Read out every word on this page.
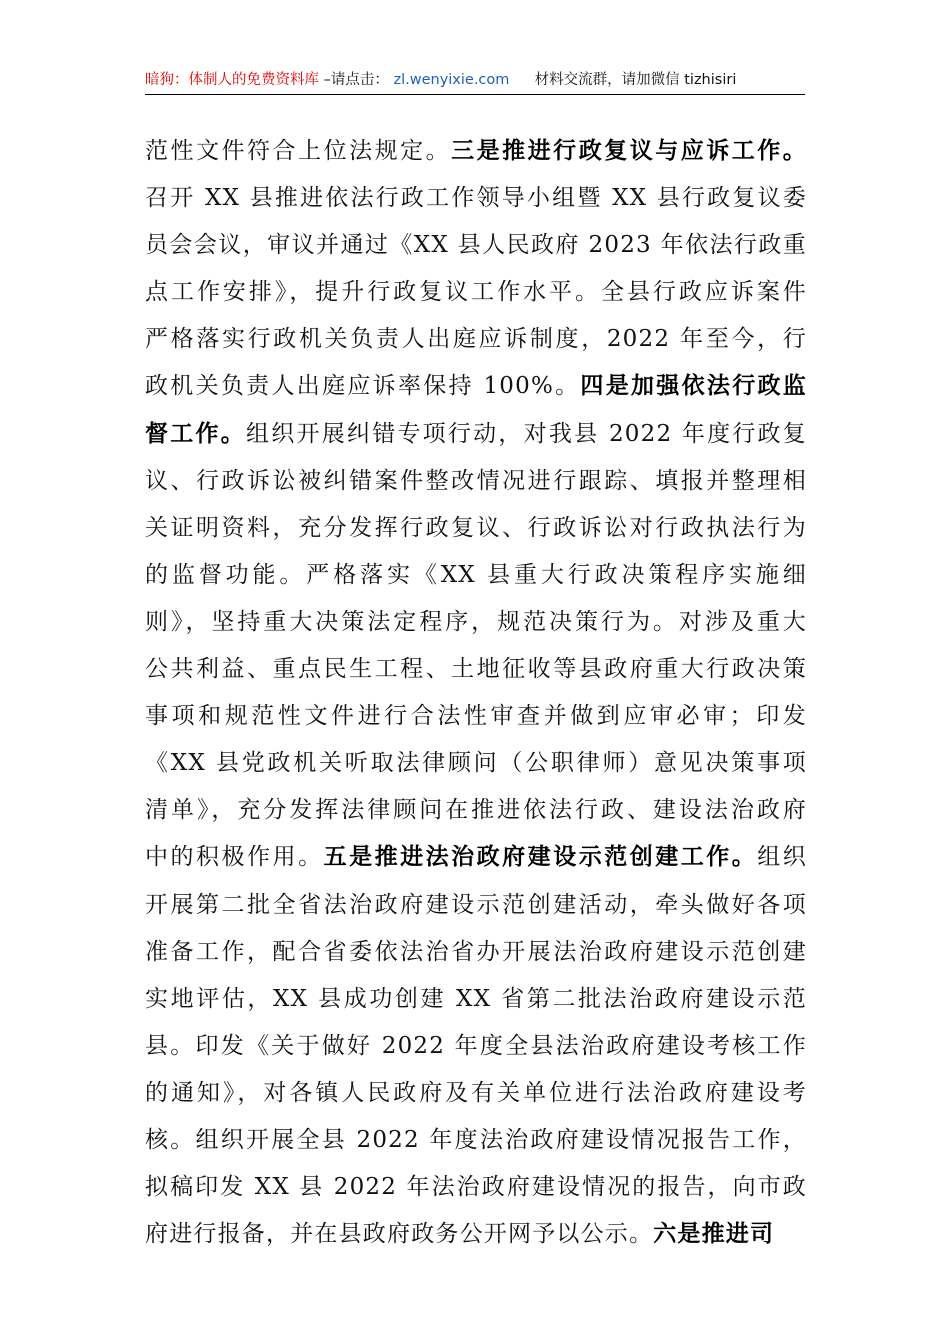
暗狗：体制人的免费资料库 –请点击： zl.wenyixie.com 材料交流群，请加微信 tizhisiri
范性文件符合上位法规定。三是推进行政复议与应诉工作。
召开 XX 县推进依法行政工作领导小组暨 XX 县行政复议委
员会会议，审议并通过《XX 县人民政府 2023 年依法行政重
点工作安排》，提升行政复议工作水平。全县行政应诉案件
严格落实行政机关负责人出庭应诉制度，2022 年至今，行
政机关负责人出庭应诉率保持 100%。四是加强依法行政监
督工作。组织开展纠错专项行动，对我县 2022 年度行政复
议、行政诉讼被纠错案件整改情况进行跟踪、填报并整理相
关证明资料，充分发挥行政复议、行政诉讼对行政执法行为
的监督功能。严格落实《XX 县重大行政决策程序实施细
则》，坚持重大决策法定程序，规范决策行为。对涉及重大
公共利益、重点民生工程、土地征收等县政府重大行政决策
事项和规范性文件进行合法性审查并做到应审必审；印发
《XX 县党政机关听取法律顾问（公职律师）意见决策事项
清单》，充分发挥法律顾问在推进依法行政、建设法治政府
中的积极作用。五是推进法治政府建设示范创建工作。组织
开展第二批全省法治政府建设示范创建活动，牵头做好各项
准备工作，配合省委依法治省办开展法治政府建设示范创建
实地评估，XX 县成功创建 XX 省第二批法治政府建设示范
县。印发《关于做好 2022 年度全县法治政府建设考核工作
的通知》，对各镇人民政府及有关单位进行法治政府建设考
核。组织开展全县 2022 年度法治政府建设情况报告工作，
拟稿印发 XX 县 2022 年法治政府建设情况的报告，向市政
府进行报备，并在县政府政务公开网予以公示。六是推进司
